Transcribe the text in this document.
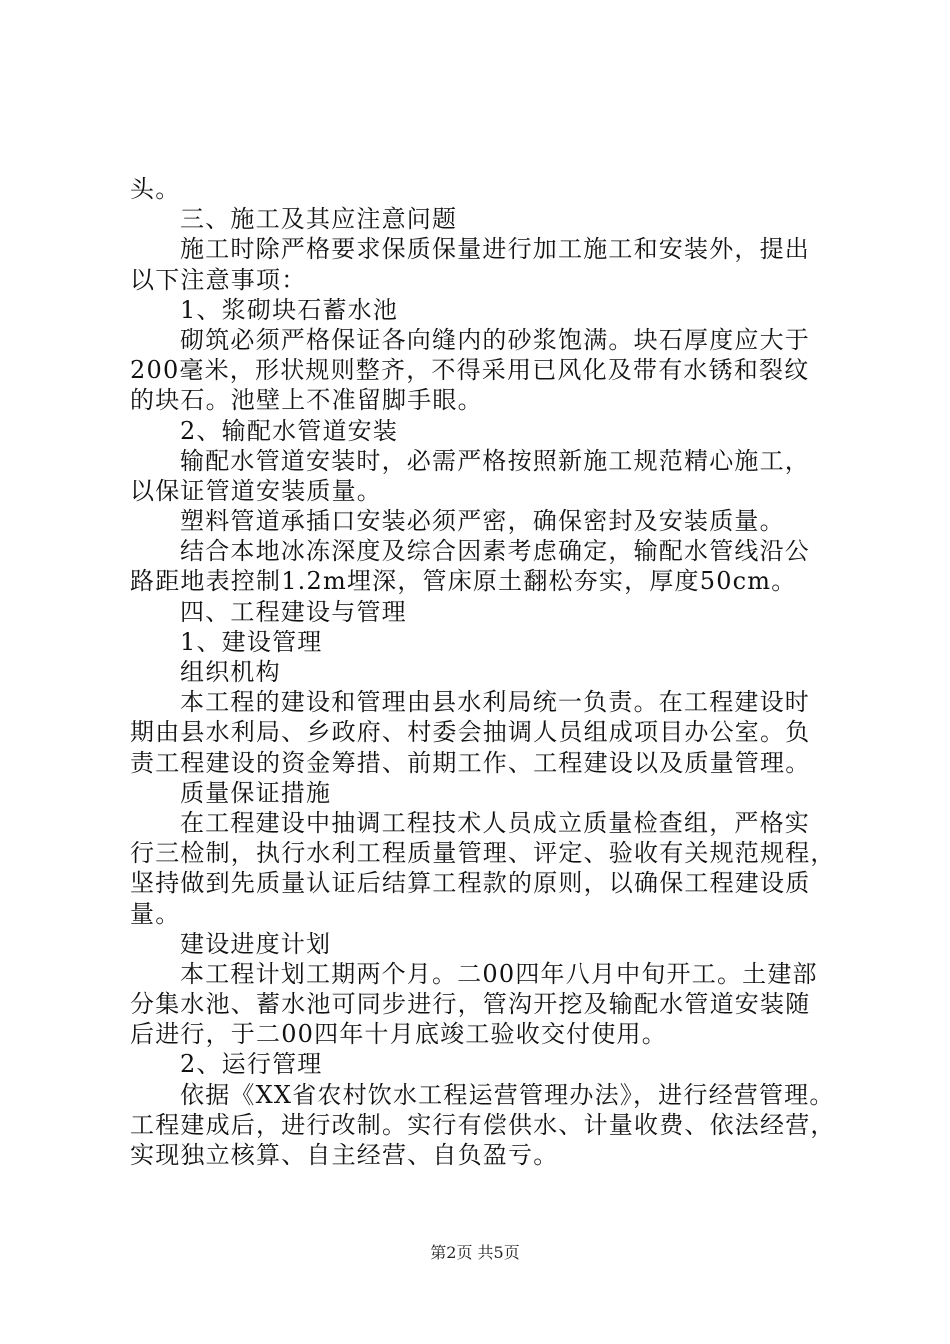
头。
三、施工及其应注意问题
施工时除严格要求保质保量进行加工施工和安装外，提出
以下注意事项：
1、浆砌块石蓄水池
砌筑必须严格保证各向缝内的砂浆饱满。块石厚度应大于
200毫米，形状规则整齐，不得采用已风化及带有水锈和裂纹
的块石。池壁上不准留脚手眼。
2、输配水管道安装
输配水管道安装时，必需严格按照新施工规范精心施工，
以保证管道安装质量。
塑料管道承插口安装必须严密，确保密封及安装质量。
结合本地冰冻深度及综合因素考虑确定，输配水管线沿公
路距地表控制1.2m埋深，管床原土翻松夯实，厚度50cm。
四、工程建设与管理
1、建设管理
组织机构
本工程的建设和管理由县水利局统一负责。在工程建设时
期由县水利局、乡政府、村委会抽调人员组成项目办公室。负
责工程建设的资金筹措、前期工作、工程建设以及质量管理。
质量保证措施
在工程建设中抽调工程技术人员成立质量检查组，严格实
行三检制，执行水利工程质量管理、评定、验收有关规范规程，
坚持做到先质量认证后结算工程款的原则，以确保工程建设质
量。
建设进度计划
本工程计划工期两个月。二00四年八月中旬开工。土建部
分集水池、蓄水池可同步进行，管沟开挖及输配水管道安装随
后进行，于二00四年十月底竣工验收交付使用。
2、运行管理
依据《XX省农村饮水工程运营管理办法》，进行经营管理。
工程建成后，进行改制。实行有偿供水、计量收费、依法经营，
实现独立核算、自主经营、自负盈亏。
第2页 共5页
